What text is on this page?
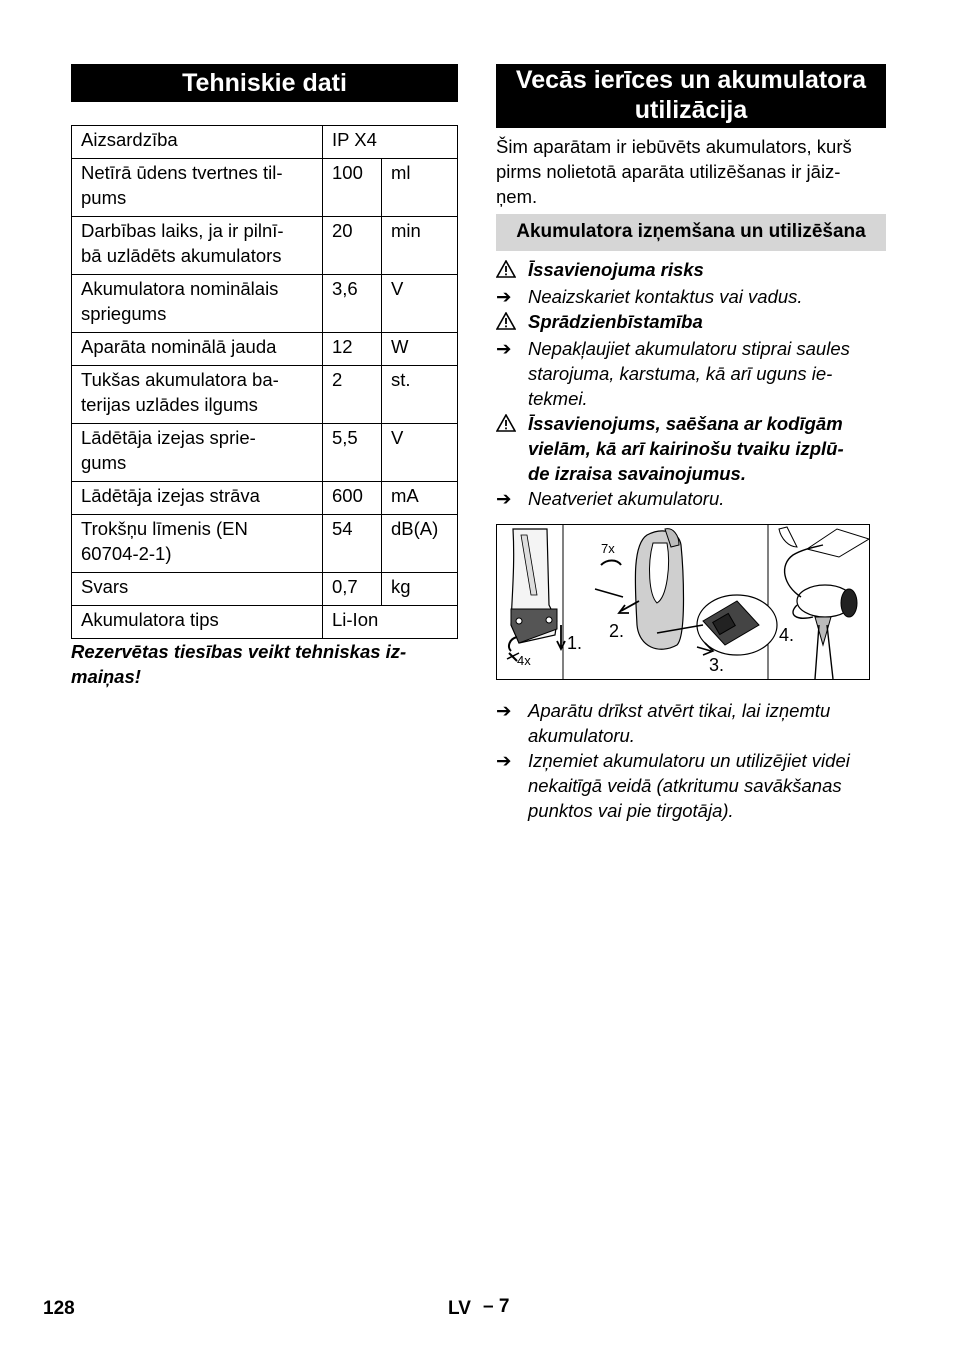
Tehniskie dati
Aizsardzība	IP X4	
Netīrā ūdens tvertnes til-
pums	100	ml
Darbības laiks, ja ir pilnī-
bā uzlādēts akumulators	20	min
Akumulatora nominālais
spriegums	3,6	V
Aparāta nominālā jauda	12	W
Tukšas akumulatora ba-
terijas uzlādes ilgums	2	st.
Lādētāja izejas sprie-
gums	5,5	V
Lādētāja izejas strāva	600	mA
Trokšņu līmenis (EN
60704-2-1)	54	dB(A)
Svars	0,7	kg
Akumulatora tips	Li-Ion	
Rezervētas tiesības veikt tehniskas iz-
maiņas!
Vecās ierīces un akumulatora utilizācija

Šim aparātam ir iebūvēts akumulators, kurš pirms nolietotā aparāta utilizēšanas ir jāiz-
ņem.

Akumulatora izņemšana un utilizēšana
Īssavienojuma risks
➔ Neaizskariet kontaktus vai vadus.
Sprādzienbīstamība
➔ Nepakļaujiet akumulatoru stiprai saules starojuma, karstuma, kā arī uguns ie-
tekmei.
Īssavienojums, saēšana ar kodīgām vielām, kā arī kairinošu tvaiku izplū-
de izraisa savainojumus.
➔ Neatveriet akumulatoru.
4x
1.
7x
2.
3.
4.
➔ Aparātu drīkst atvērt tikai, lai izņemtu akumulatoru.
➔ Izņemiet akumulatoru un utilizējiet videi nekaitīgā veidā (atkritumu savākšanas punktos vai pie tirgotāja).
128	LV – 7
